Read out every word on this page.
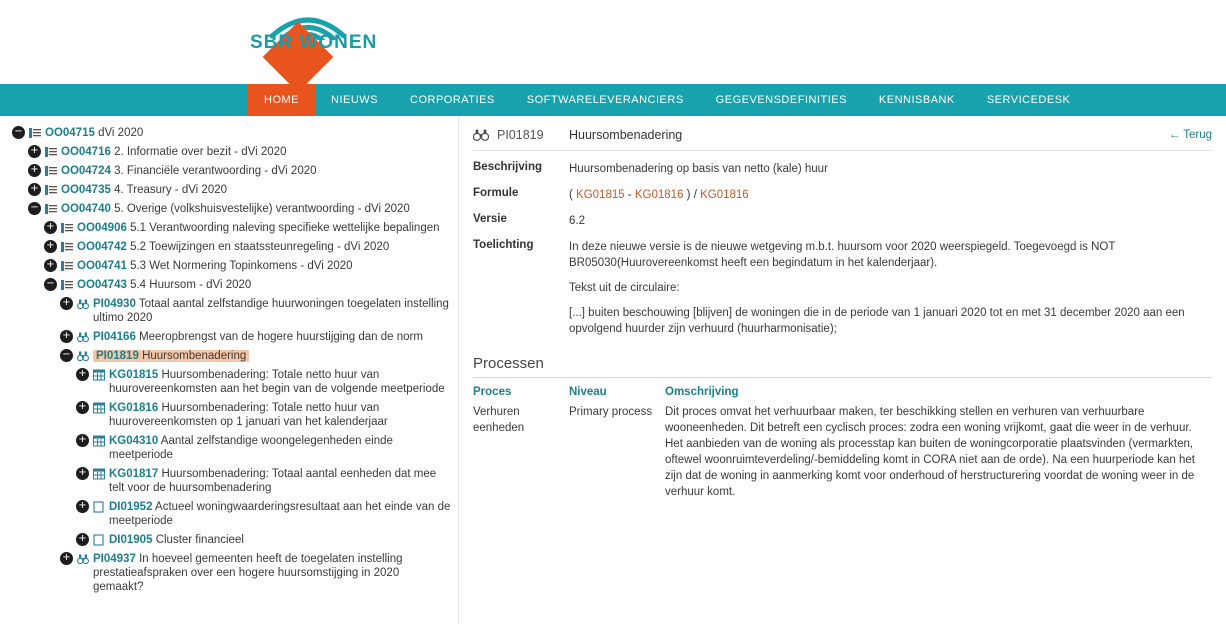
SBR WONEN
HOME	NIEUWS	CORPORATIES	SOFTWARELEVERANCIERS	GEGEVENSDEFINITIES	KENNISBANK	SERVICEDESK
− OO04715 dVi 2020
+ OO04716 2. Informatie over bezit - dVi 2020
+ OO04724 3. Financiële verantwoording - dVi 2020
+ OO04735 4. Treasury - dVi 2020
− OO04740 5. Overige (volkshuisvestelijke) verantwoording - dVi 2020
+ OO04906 5.1 Verantwoording naleving specifieke wettelijke bepalingen
+ OO04742 5.2 Toewijzingen en staatssteunregeling - dVi 2020
+ OO04741 5.3 Wet Normering Topinkomens - dVi 2020
− OO04743 5.4 Huursom - dVi 2020
+ PI04930 Totaal aantal zelfstandige huurwoningen toegelaten instelling ultimo 2020
+ PI04166 Meeropbrengst van de hogere huurstijging dan de norm
− PI01819 Huursombenadering
+ KG01815 Huursombenadering: Totale netto huur van huurovereenkomsten aan het begin van de volgende meetperiode
+ KG01816 Huursombenadering: Totale netto huur van huurovereenkomsten op 1 januari van het kalenderjaar
+ KG04310 Aantal zelfstandige woongelegenheden einde meetperiode
+ KG01817 Huursombenadering: Totaal aantal eenheden dat mee telt voor de huursombenadering
+ DI01952 Actueel woningwaarderingsresultaat aan het einde van de meetperiode
+ DI01905 Cluster financieel
+ PI04937 In hoeveel gemeenten heeft de toegelaten instelling prestatieafspraken over een hogere huursomstijging in 2020 gemaakt?
PI01819	Huursombenadering	← Terug
Beschrijving	Huursombenadering op basis van netto (kale) huur
Formule	( KG01815 - KG01816 ) / KG01816
Versie	6.2
Toelichting	In deze nieuwe versie is de nieuwe wetgeving m.b.t. huursom voor 2020 weerspiegeld. Toegevoegd is NOT BR05030(Huurovereenkomst heeft een begindatum in het kalenderjaar).

Tekst uit de circulaire:

[...] buiten beschouwing [blijven] de woningen die in de periode van 1 januari 2020 tot en met 31 december 2020 aan een opvolgend huurder zijn verhuurd (huurharmonisatie);

Processen
Proces	Niveau	Omschrijving
Verhuren eenheden	Primary process	Dit proces omvat het verhuurbaar maken, ter beschikking stellen en verhuren van verhuurbare wooneenheden. Dit betreft een cyclisch proces: zodra een woning vrijkomt, gaat die weer in de verhuur. Het aanbieden van de woning als processtap kan buiten de woningcorporatie plaatsvinden (vermarkten, oftewel woonruimteverdeling/-bemiddeling komt in CORA niet aan de orde). Na een huurperiode kan het zijn dat de woning in aanmerking komt voor onderhoud of herstructurering voordat de woning weer in de verhuur komt.
